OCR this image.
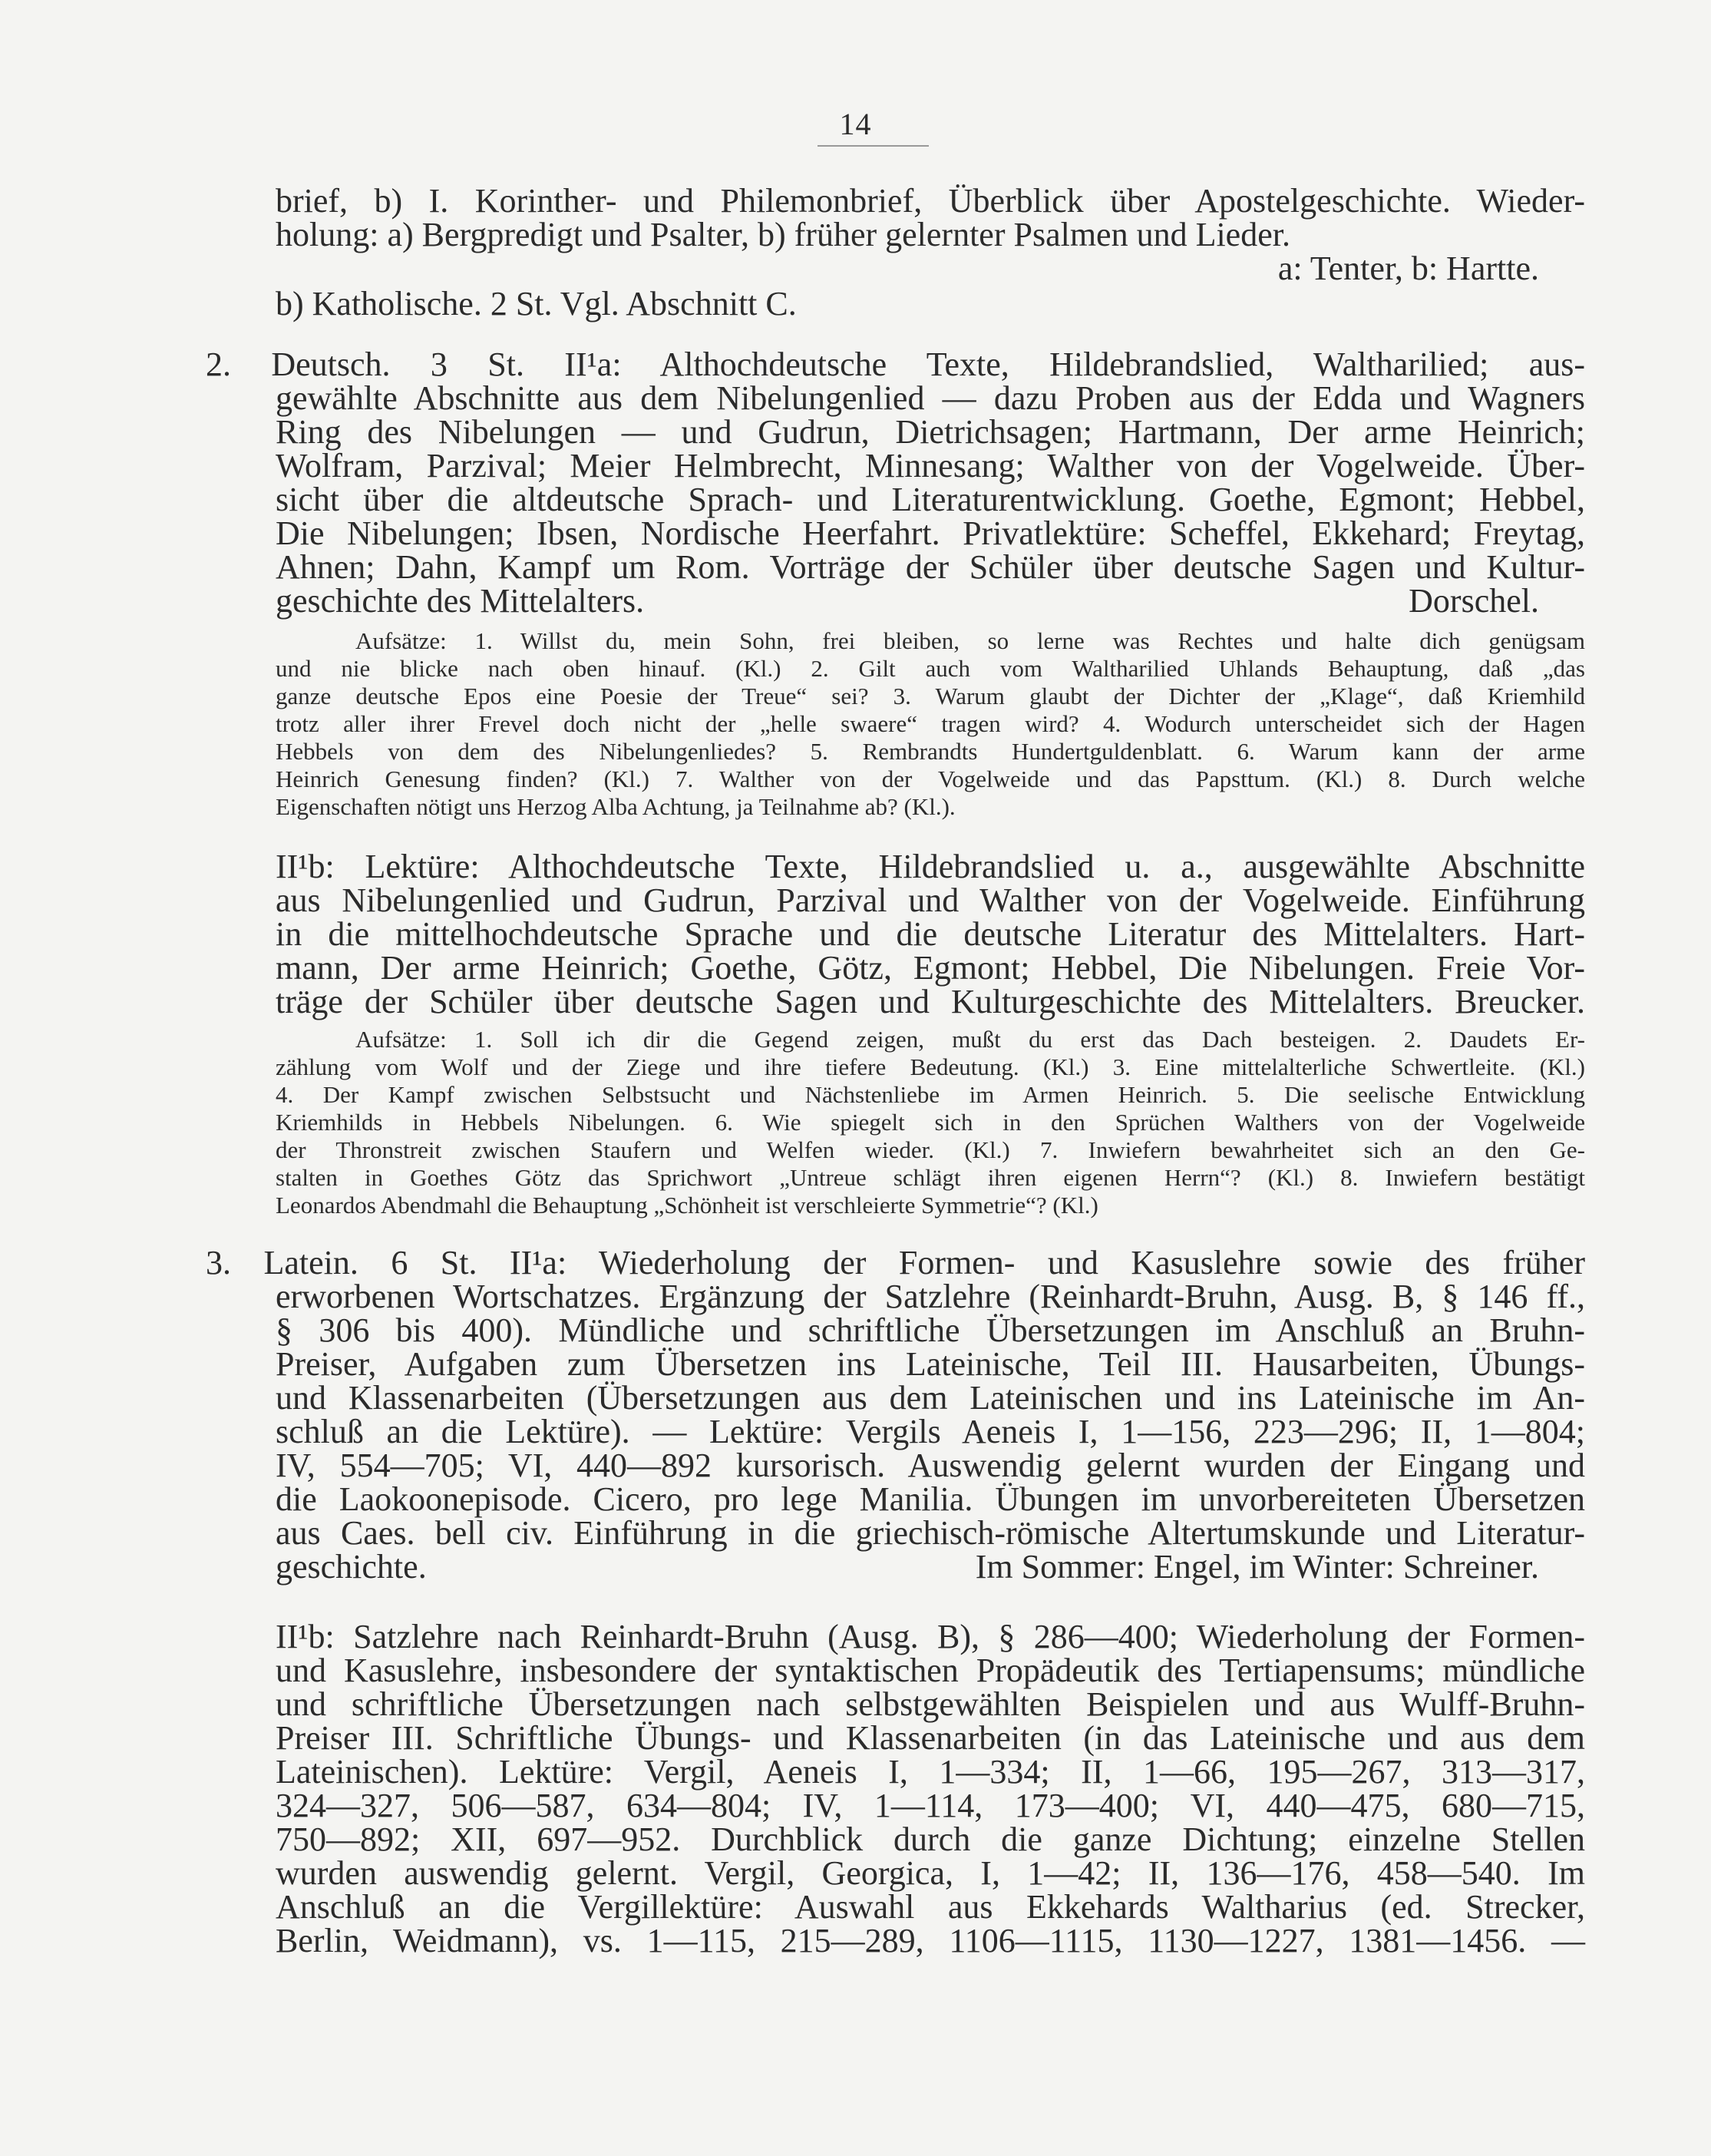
14
brief, b) I. Korinther- und Philemonbrief, Überblick über Apostelgeschichte. Wieder-
holung: a) Bergpredigt und Psalter, b) früher gelernter Psalmen und Lieder.
a: Tenter, b: Hartte.
b) Katholische. 2 St. Vgl. Abschnitt C.
2. Deutsch. 3 St. II¹a: Althochdeutsche Texte, Hildebrandslied, Waltharilied; aus-
gewählte Abschnitte aus dem Nibelungenlied — dazu Proben aus der Edda und Wagners
Ring des Nibelungen — und Gudrun, Dietrichsagen; Hartmann, Der arme Heinrich;
Wolfram, Parzival; Meier Helmbrecht, Minnesang; Walther von der Vogelweide. Über-
sicht über die altdeutsche Sprach- und Literaturentwicklung. Goethe, Egmont; Hebbel,
Die Nibelungen; Ibsen, Nordische Heerfahrt. Privatlektüre: Scheffel, Ekkehard; Freytag,
Ahnen; Dahn, Kampf um Rom. Vorträge der Schüler über deutsche Sagen und Kultur-
geschichte des Mittelalters.	Dorschel.
Aufsätze: 1. Willst du, mein Sohn, frei bleiben, so lerne was Rechtes und halte dich genügsam
und nie blicke nach oben hinauf. (Kl.) 2. Gilt auch vom Waltharilied Uhlands Behauptung, daß „das
ganze deutsche Epos eine Poesie der Treue“ sei? 3. Warum glaubt der Dichter der „Klage“, daß Kriemhild
trotz aller ihrer Frevel doch nicht der „helle swaere“ tragen wird? 4. Wodurch unterscheidet sich der Hagen
Hebbels von dem des Nibelungenliedes? 5. Rembrandts Hundertguldenblatt. 6. Warum kann der arme
Heinrich Genesung finden? (Kl.) 7. Walther von der Vogelweide und das Papsttum. (Kl.) 8. Durch welche
Eigenschaften nötigt uns Herzog Alba Achtung, ja Teilnahme ab? (Kl.).
II¹b: Lektüre: Althochdeutsche Texte, Hildebrandslied u. a., ausgewählte Abschnitte
aus Nibelungenlied und Gudrun, Parzival und Walther von der Vogelweide. Einführung
in die mittelhochdeutsche Sprache und die deutsche Literatur des Mittelalters. Hart-
mann, Der arme Heinrich; Goethe, Götz, Egmont; Hebbel, Die Nibelungen. Freie Vor-
träge der Schüler über deutsche Sagen und Kulturgeschichte des Mittelalters. Breucker.
Aufsätze: 1. Soll ich dir die Gegend zeigen, mußt du erst das Dach besteigen. 2. Daudets Er-
zählung vom Wolf und der Ziege und ihre tiefere Bedeutung. (Kl.) 3. Eine mittelalterliche Schwertleite. (Kl.)
4. Der Kampf zwischen Selbstsucht und Nächstenliebe im Armen Heinrich. 5. Die seelische Entwicklung
Kriemhilds in Hebbels Nibelungen. 6. Wie spiegelt sich in den Sprüchen Walthers von der Vogelweide
der Thronstreit zwischen Staufern und Welfen wieder. (Kl.) 7. Inwiefern bewahrheitet sich an den Ge-
stalten in Goethes Götz das Sprichwort „Untreue schlägt ihren eigenen Herrn“? (Kl.) 8. Inwiefern bestätigt
Leonardos Abendmahl die Behauptung „Schönheit ist verschleierte Symmetrie“? (Kl.)
3. Latein. 6 St. II¹a: Wiederholung der Formen- und Kasuslehre sowie des früher
erworbenen Wortschatzes. Ergänzung der Satzlehre (Reinhardt-Bruhn, Ausg. B, § 146 ff.,
§ 306 bis 400). Mündliche und schriftliche Übersetzungen im Anschluß an Bruhn-
Preiser, Aufgaben zum Übersetzen ins Lateinische, Teil III. Hausarbeiten, Übungs-
und Klassenarbeiten (Übersetzungen aus dem Lateinischen und ins Lateinische im An-
schluß an die Lektüre). — Lektüre: Vergils Aeneis I, 1—156, 223—296; II, 1—804;
IV, 554—705; VI, 440—892 kursorisch. Auswendig gelernt wurden der Eingang und
die Laokoonepisode. Cicero, pro lege Manilia. Übungen im unvorbereiteten Übersetzen
aus Caes. bell civ. Einführung in die griechisch-römische Altertumskunde und Literatur-
geschichte.	Im Sommer: Engel, im Winter: Schreiner.
II¹b: Satzlehre nach Reinhardt-Bruhn (Ausg. B), § 286—400; Wiederholung der Formen-
und Kasuslehre, insbesondere der syntaktischen Propädeutik des Tertiapensums; mündliche
und schriftliche Übersetzungen nach selbstgewählten Beispielen und aus Wulff-Bruhn-
Preiser III. Schriftliche Übungs- und Klassenarbeiten (in das Lateinische und aus dem
Lateinischen). Lektüre: Vergil, Aeneis I, 1—334; II, 1—66, 195—267, 313—317,
324—327, 506—587, 634—804; IV, 1—114, 173—400; VI, 440—475, 680—715,
750—892; XII, 697—952. Durchblick durch die ganze Dichtung; einzelne Stellen
wurden auswendig gelernt. Vergil, Georgica, I, 1—42; II, 136—176, 458—540. Im
Anschluß an die Vergillektüre: Auswahl aus Ekkehards Waltharius (ed. Strecker,
Berlin, Weidmann), vs. 1—115, 215—289, 1106—1115, 1130—1227, 1381—1456. —
